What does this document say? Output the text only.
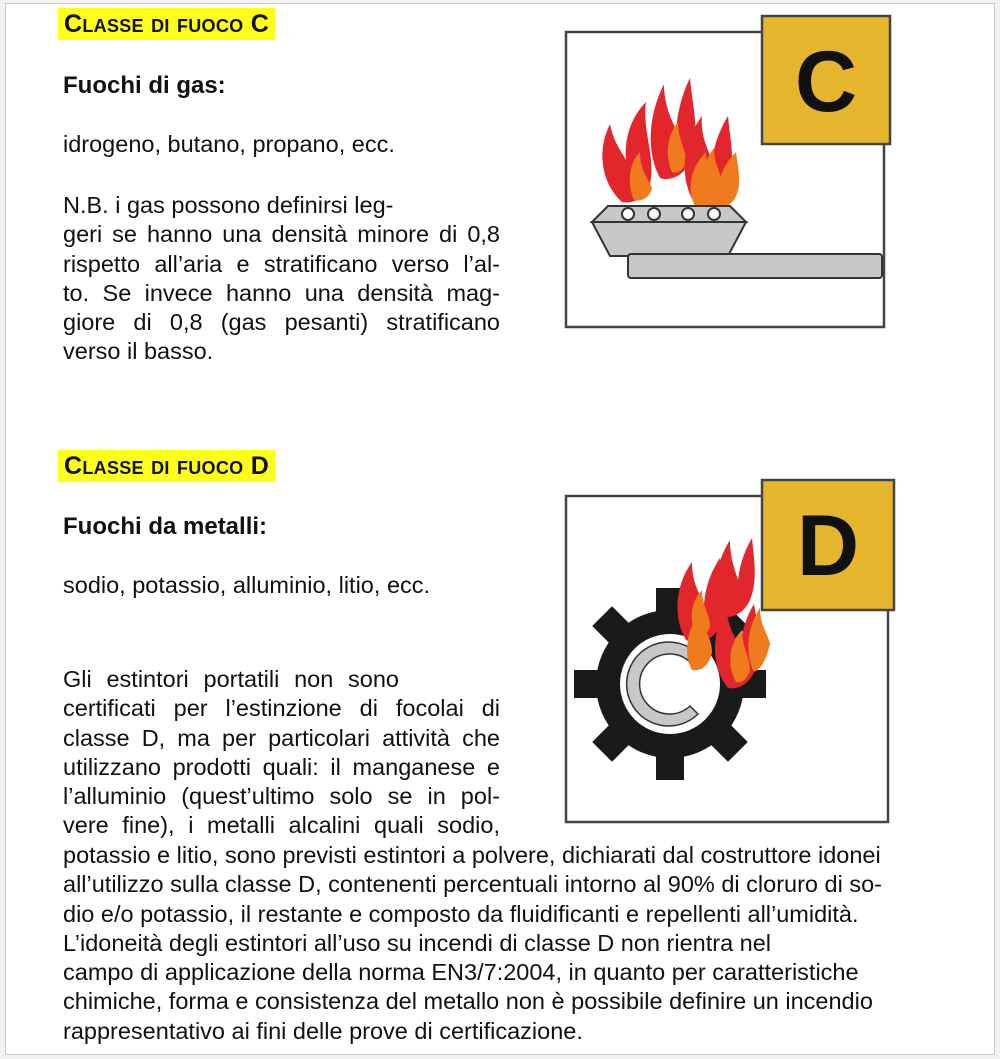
Classe di fuoco C
Fuochi di gas:
idrogeno, butano, propano, ecc.
N.B. i gas possono definirsi leg-
geri se hanno una densità minore di 0,8
rispetto all’aria e stratificano verso l’al-
to. Se invece hanno una densità mag-
giore di 0,8 (gas pesanti) stratificano
verso il basso.
C
Classe di fuoco D
Fuochi da metalli:
sodio, potassio, alluminio, litio, ecc.
Gli estintori portatili non sono
certificati per l’estinzione di focolai di
classe D, ma per particolari attività che
utilizzano prodotti quali: il manganese e
l’alluminio (quest’ultimo solo se in pol-
vere fine), i metalli alcalini quali sodio,
potassio e litio, sono previsti estintori a polvere, dichiarati dal costruttore idonei
all’utilizzo sulla classe D, contenenti percentuali intorno al 90% di cloruro di so-
dio e/o potassio, il restante e composto da fluidificanti e repellenti all’umidità.
L’idoneità degli estintori all’uso su incendi di classe D non rientra nel
campo di applicazione della norma EN3/7:2004, in quanto per caratteristiche
chimiche, forma e consistenza del metallo non è possibile definire un incendio
rappresentativo ai fini delle prove di certificazione.
D
